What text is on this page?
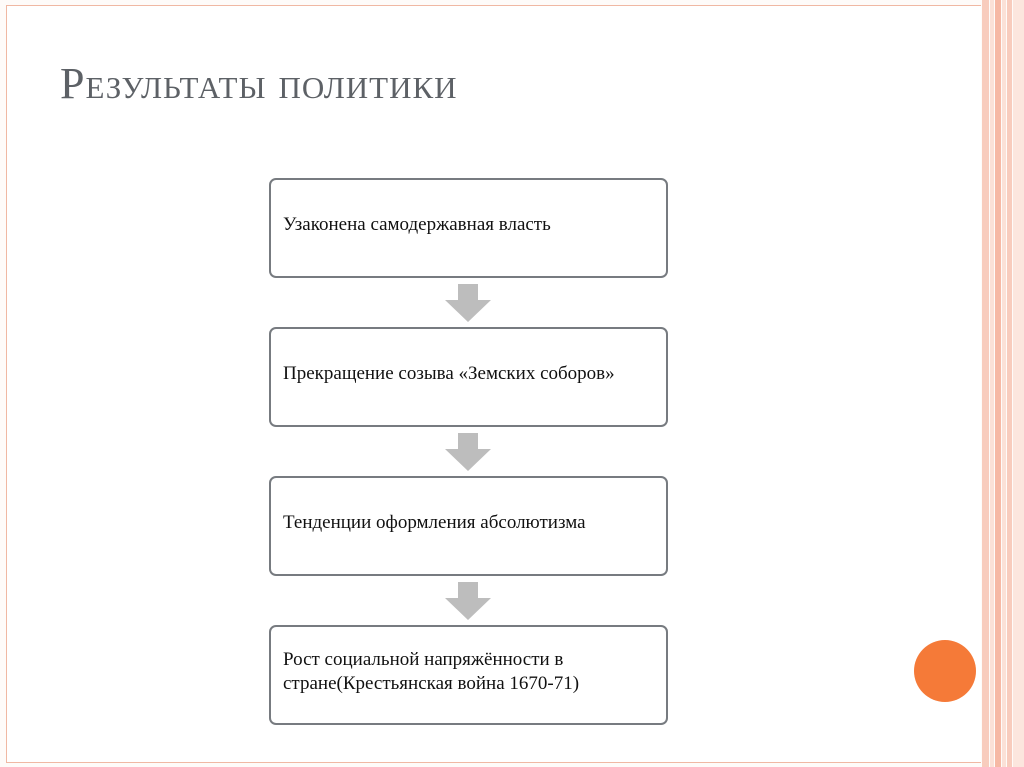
Результаты политики
Узаконена самодержавная власть
Прекращение созыва «Земских соборов»
Тенденции оформления абсолютизма
Рост социальной напряжённости в стране(Крестьянская война 1670-71)
